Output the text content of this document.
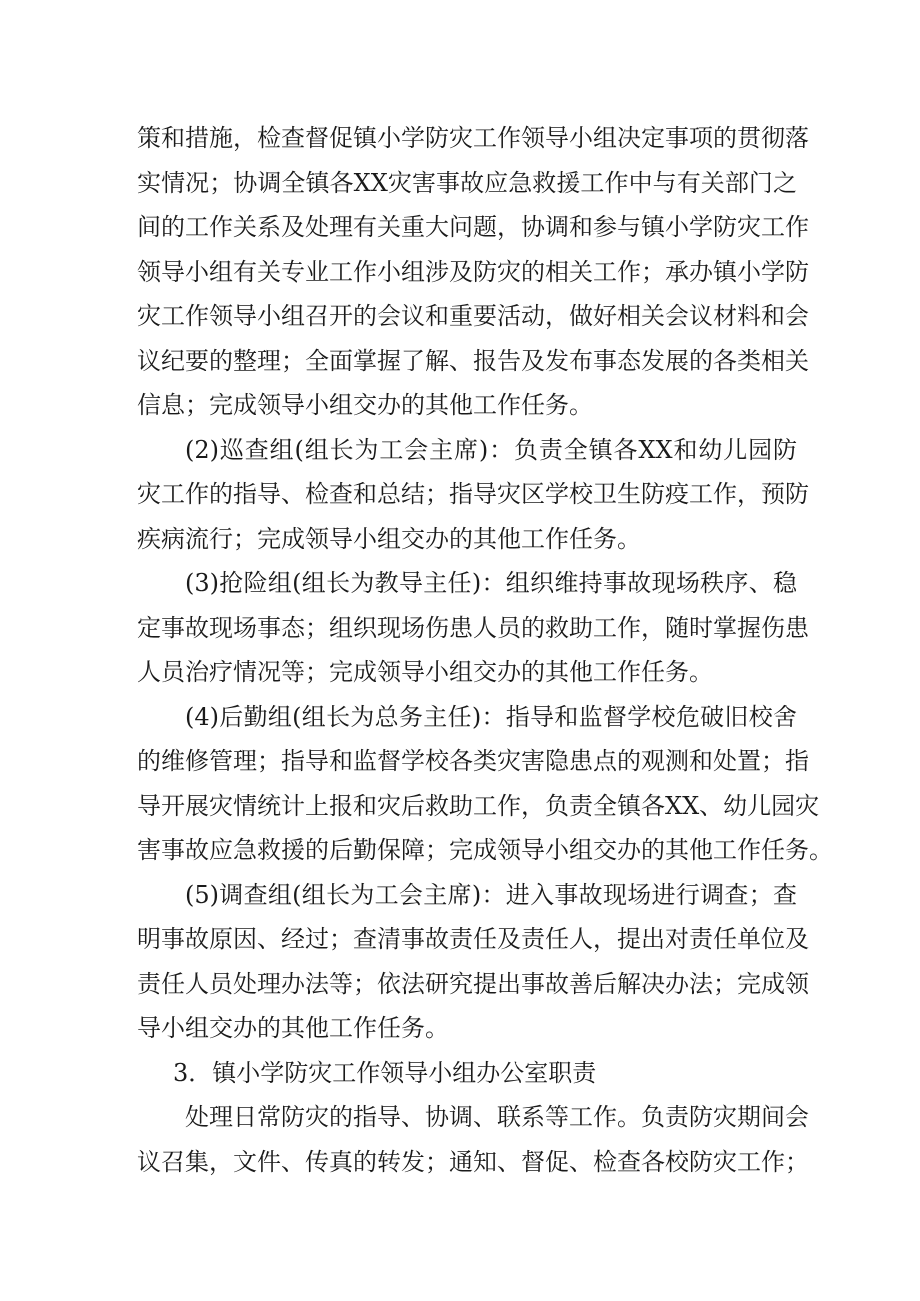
策和措施，检查督促镇小学防灾工作领导小组决定事项的贯彻落
实情况；协调全镇各XX灾害事故应急救援工作中与有关部门之
间的工作关系及处理有关重大问题，协调和参与镇小学防灾工作
领导小组有关专业工作小组涉及防灾的相关工作；承办镇小学防
灾工作领导小组召开的会议和重要活动，做好相关会议材料和会
议纪要的整理；全面掌握了解、报告及发布事态发展的各类相关
信息；完成领导小组交办的其他工作任务。
(2)巡查组(组长为工会主席)：负责全镇各XX和幼儿园防
灾工作的指导、检查和总结；指导灾区学校卫生防疫工作，预防
疾病流行；完成领导小组交办的其他工作任务。
(3)抢险组(组长为教导主任)：组织维持事故现场秩序、稳
定事故现场事态；组织现场伤患人员的救助工作，随时掌握伤患
人员治疗情况等；完成领导小组交办的其他工作任务。
(4)后勤组(组长为总务主任)：指导和监督学校危破旧校舍
的维修管理；指导和监督学校各类灾害隐患点的观测和处置；指
导开展灾情统计上报和灾后救助工作，负责全镇各XX、幼儿园灾
害事故应急救援的后勤保障；完成领导小组交办的其他工作任务。
(5)调查组(组长为工会主席)：进入事故现场进行调查；查
明事故原因、经过；查清事故责任及责任人，提出对责任单位及
责任人员处理办法等；依法研究提出事故善后解决办法；完成领
导小组交办的其他工作任务。
3．镇小学防灾工作领导小组办公室职责
处理日常防灾的指导、协调、联系等工作。负责防灾期间会
议召集，文件、传真的转发；通知、督促、检查各校防灾工作；
